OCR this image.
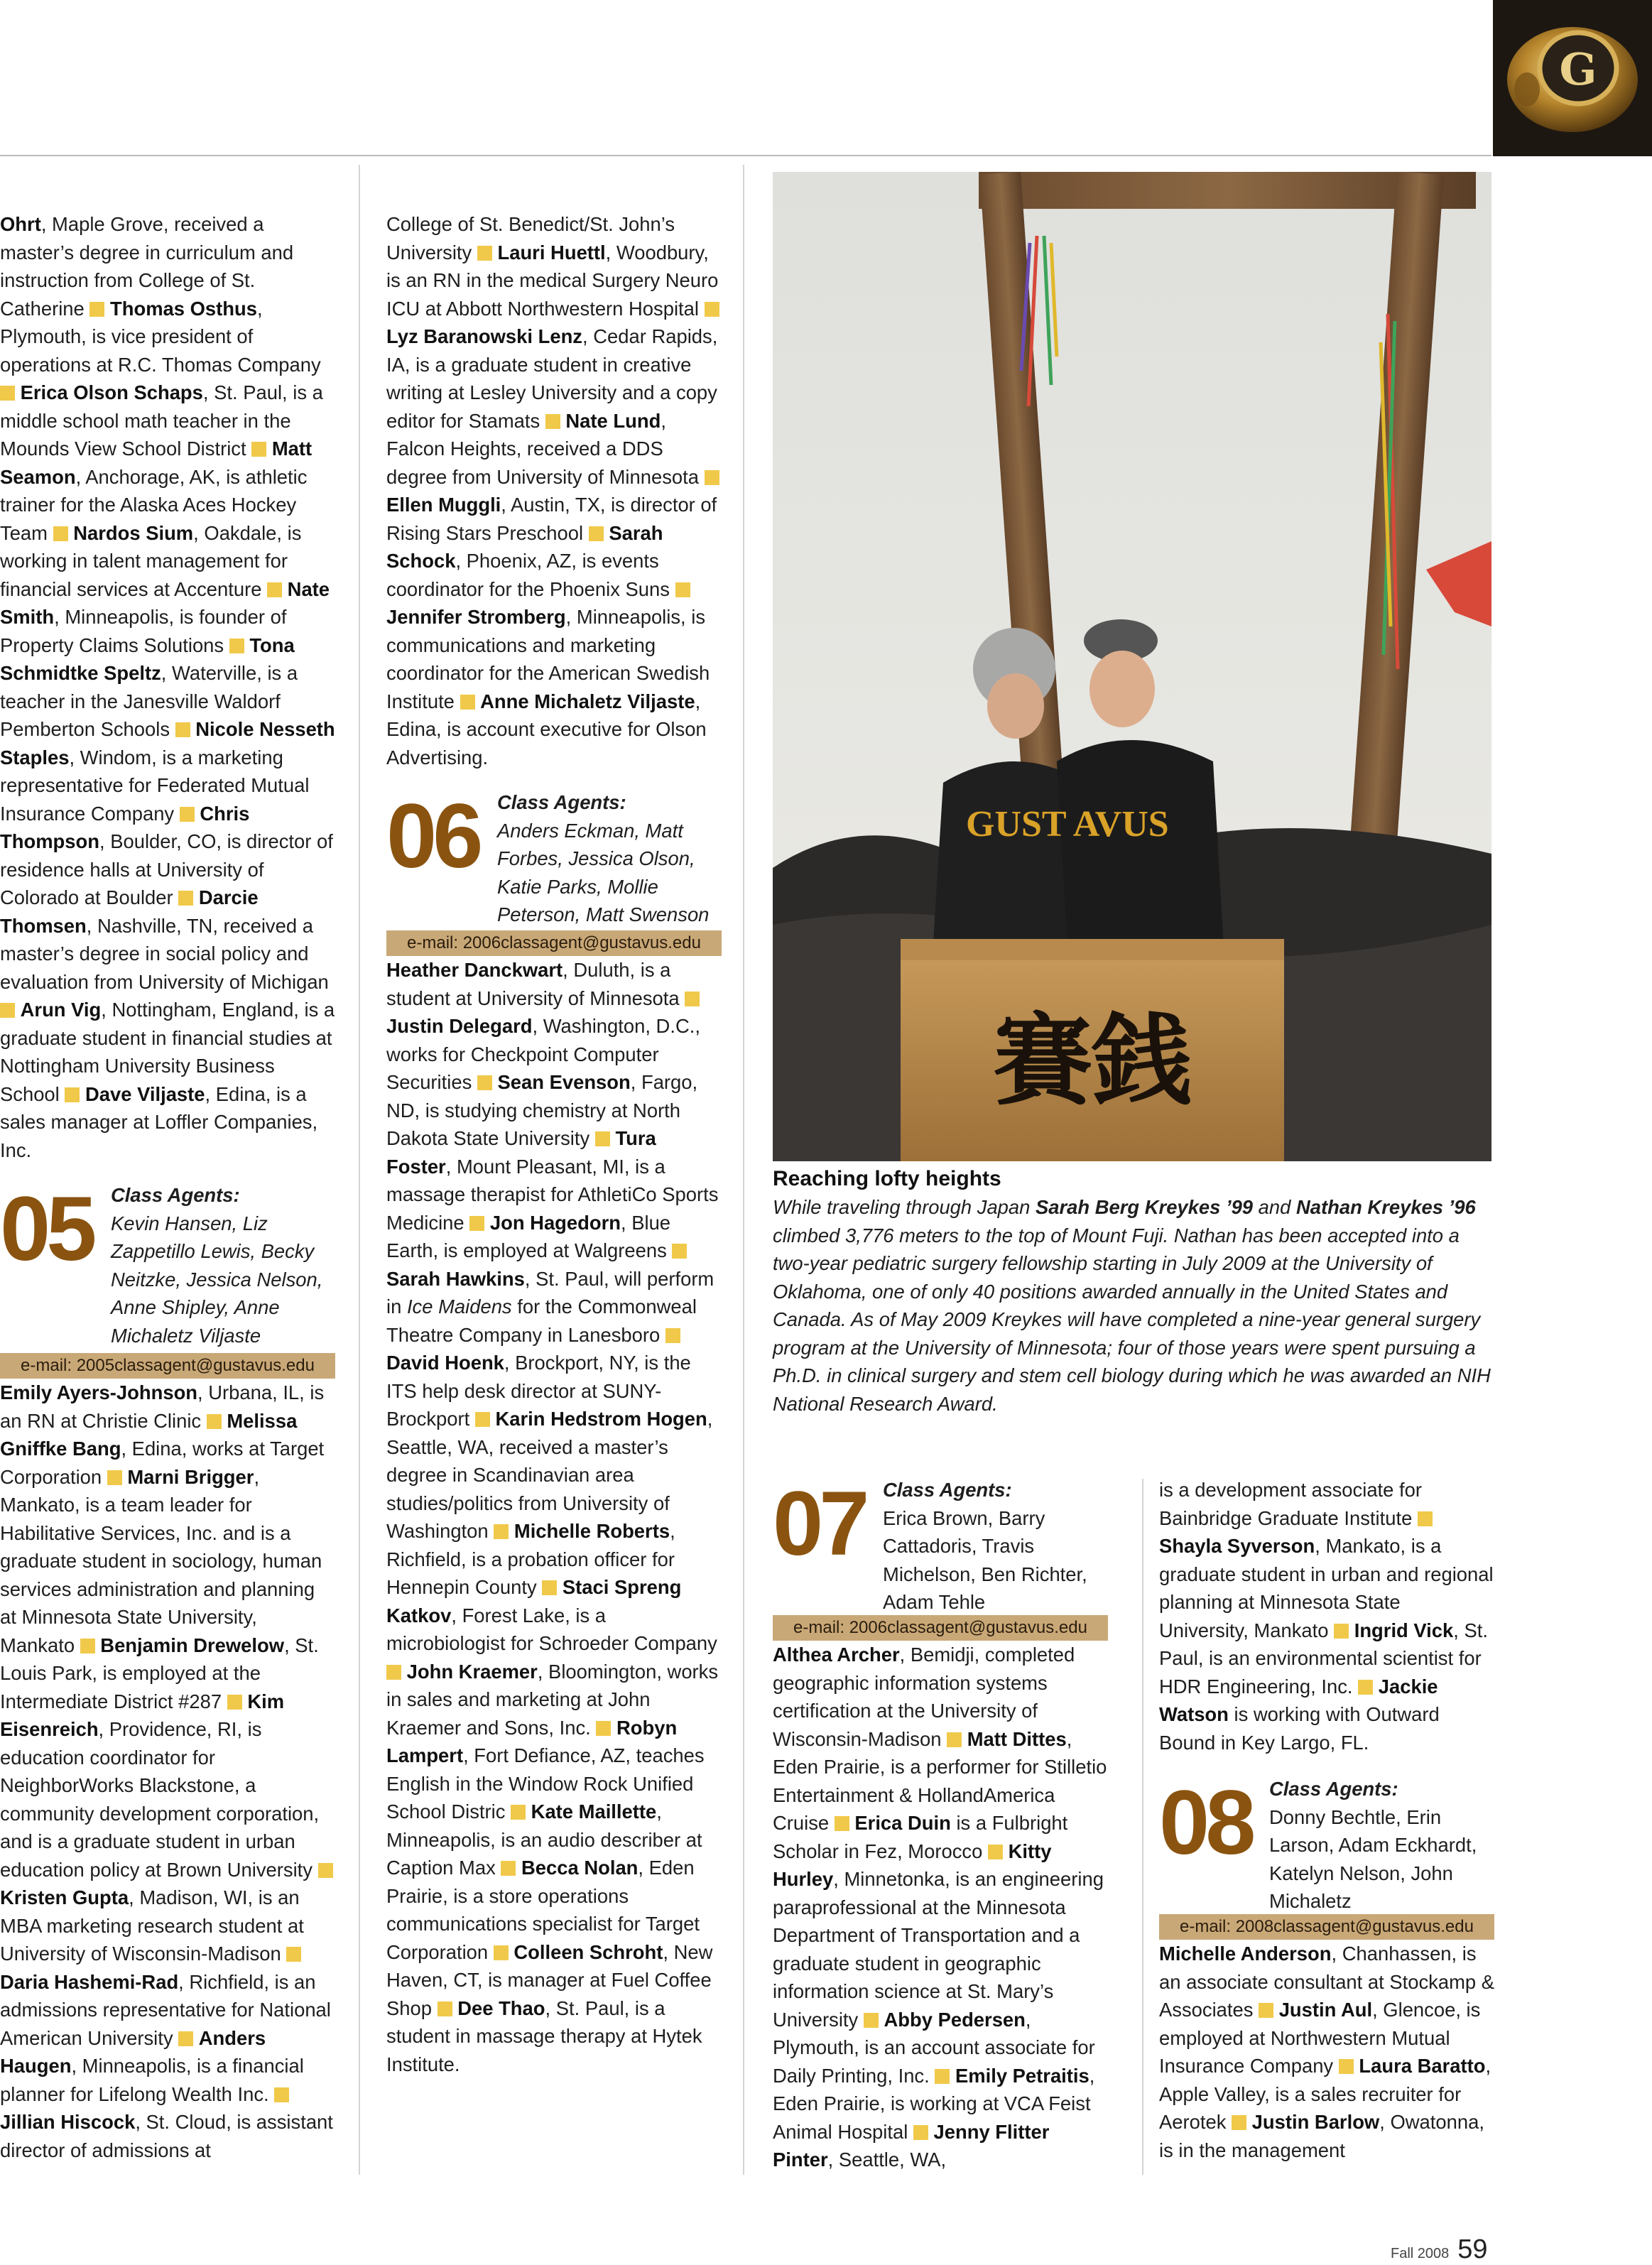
G

Ohrt, Maple Grove, received a master’s degree in curriculum and instruction from College of St. Catherine  Thomas Osthus, Plymouth, is vice president of operations at R.C. Thomas Company  Erica Olson Schaps, St. Paul, is a middle school math teacher in the Mounds View School District  Matt Seamon, Anchorage, AK, is athletic trainer for the Alaska Aces Hockey Team  Nardos Sium, Oakdale, is working in talent management for financial services at Accenture  Nate Smith, Minneapolis, is founder of Property Claims Solutions  Tona Schmidtke Speltz, Waterville, is a teacher in the Janesville Waldorf Pemberton Schools  Nicole Nesseth Staples, Windom, is a marketing representative for Federated Mutual Insurance Company  Chris Thompson, Boulder, CO, is director of residence halls at University of Colorado at Boulder  Darcie Thomsen, Nashville, TN, received a master’s degree in social policy and evaluation from University of Michigan  Arun Vig, Nottingham, England, is a graduate student in financial studies at Nottingham University Business School  Dave Viljaste, Edina, is a sales manager at Loffler Companies, Inc.

05 Class Agents:
Kevin Hansen, Liz Zappetillo Lewis, Becky Neitzke, Jessica Nelson, Anne Shipley, Anne Michaletz Viljaste
e-mail: 2005classagent@gustavus.edu

Emily Ayers-Johnson, Urbana, IL, is an RN at Christie Clinic  Melissa Gniffke Bang, Edina, works at Target Corporation  Marni Brigger, Mankato, is a team leader for Habilitative Services, Inc. and is a graduate student in sociology, human services administration and planning at Minnesota State University, Mankato  Benjamin Drewelow, St. Louis Park, is employed at the Intermediate District #287  Kim Eisenreich, Providence, RI, is education coordinator for NeighborWorks Blackstone, a community development corporation, and is a graduate student in urban education policy at Brown University  Kristen Gupta, Madison, WI, is an MBA marketing research student at University of Wisconsin-Madison  Daria Hashemi-Rad, Richfield, is an admissions representative for National American University  Anders Haugen, Minneapolis, is a financial planner for Lifelong Wealth Inc.  Jillian Hiscock, St. Cloud, is assistant director of admissions at

College of St. Benedict/St. John’s University  Lauri Huettl, Woodbury, is an RN in the medical Surgery Neuro ICU at Abbott Northwestern Hospital  Lyz Baranowski Lenz, Cedar Rapids, IA, is a graduate student in creative writing at Lesley University and a copy editor for Stamats  Nate Lund, Falcon Heights, received a DDS degree from University of Minnesota  Ellen Muggli, Austin, TX, is director of Rising Stars Preschool  Sarah Schock, Phoenix, AZ, is events coordinator for the Phoenix Suns  Jennifer Stromberg, Minneapolis, is communications and marketing coordinator for the American Swedish Institute  Anne Michaletz Viljaste, Edina, is account executive for Olson Advertising.

06 Class Agents:
Anders Eckman, Matt Forbes, Jessica Olson, Katie Parks, Mollie Peterson, Matt Swenson
e-mail: 2006classagent@gustavus.edu

Heather Danckwart, Duluth, is a student at University of Minnesota  Justin Delegard, Washington, D.C., works for Checkpoint Computer Securities  Sean Evenson, Fargo, ND, is studying chemistry at North Dakota State University  Tura Foster, Mount Pleasant, MI, is a massage therapist for AthletiCo Sports Medicine  Jon Hagedorn, Blue Earth, is employed at Walgreens  Sarah Hawkins, St. Paul, will perform in Ice Maidens for the Commonweal Theatre Company in Lanesboro  David Hoenk, Brockport, NY, is the ITS help desk director at SUNY-Brockport  Karin Hedstrom Hogen, Seattle, WA, received a master’s degree in Scandinavian area studies/politics from University of Washington  Michelle Roberts, Richfield, is a probation officer for Hennepin County  Staci Spreng Katkov, Forest Lake, is a microbiologist for Schroeder Company  John Kraemer, Bloomington, works in sales and marketing at John Kraemer and Sons, Inc.  Robyn Lampert, Fort Defiance, AZ, teaches English in the Window Rock Unified School Distric  Kate Maillette, Minneapolis, is an audio describer at Caption Max  Becca Nolan, Eden Prairie, is a store operations communications specialist for Target Corporation  Colleen Schroht, New Haven, CT, is manager at Fuel Coffee Shop  Dee Thao, St. Paul, is a student in massage therapy at Hytek Institute.

GUST AVUS
賽銭
Reaching lofty heights
While traveling through Japan Sarah Berg Kreykes ’99 and Nathan Kreykes ’96 climbed 3,776 meters to the top of Mount Fuji. Nathan has been accepted into a two-year pediatric surgery fellowship starting in July 2009 at the University of Oklahoma, one of only 40 positions awarded annually in the United States and Canada. As of May 2009 Kreykes will have completed a nine-year general surgery program at the University of Minnesota; four of those years were spent pursuing a Ph.D. in clinical surgery and stem cell biology during which he was awarded an NIH National Research Award.
07 Class Agents:
Erica Brown, Barry Cattadoris, Travis Michelson, Ben Richter, Adam Tehle
e-mail: 2006classagent@gustavus.edu

Althea Archer, Bemidji, completed geographic information systems certification at the University of Wisconsin-Madison  Matt Dittes, Eden Prairie, is a performer for Stilletio Entertainment & HollandAmerica Cruise  Erica Duin is a Fulbright Scholar in Fez, Morocco  Kitty Hurley, Minnetonka, is an engineering paraprofessional at the Minnesota Department of Transportation and a graduate student in geographic information science at St. Mary’s University  Abby Pedersen, Plymouth, is an account associate for Daily Printing, Inc.  Emily Petraitis, Eden Prairie, is working at VCA Feist Animal Hospital  Jenny Flitter Pinter, Seattle, WA,

is a development associate for Bainbridge Graduate Institute  Shayla Syverson, Mankato, is a graduate student in urban and regional planning at Minnesota State University, Mankato  Ingrid Vick, St. Paul, is an environmental scientist for HDR Engineering, Inc.  Jackie Watson is working with Outward Bound in Key Largo, FL.

08 Class Agents:
Donny Bechtle, Erin Larson, Adam Eckhardt, Katelyn Nelson, John Michaletz
e-mail: 2008classagent@gustavus.edu

Michelle Anderson, Chanhassen, is an associate consultant at Stockamp & Associates  Justin Aul, Glencoe, is employed at Northwestern Mutual Insurance Company  Laura Baratto, Apple Valley, is a sales recruiter for Aerotek  Justin Barlow, Owatonna, is in the management

Fall 2008 59
